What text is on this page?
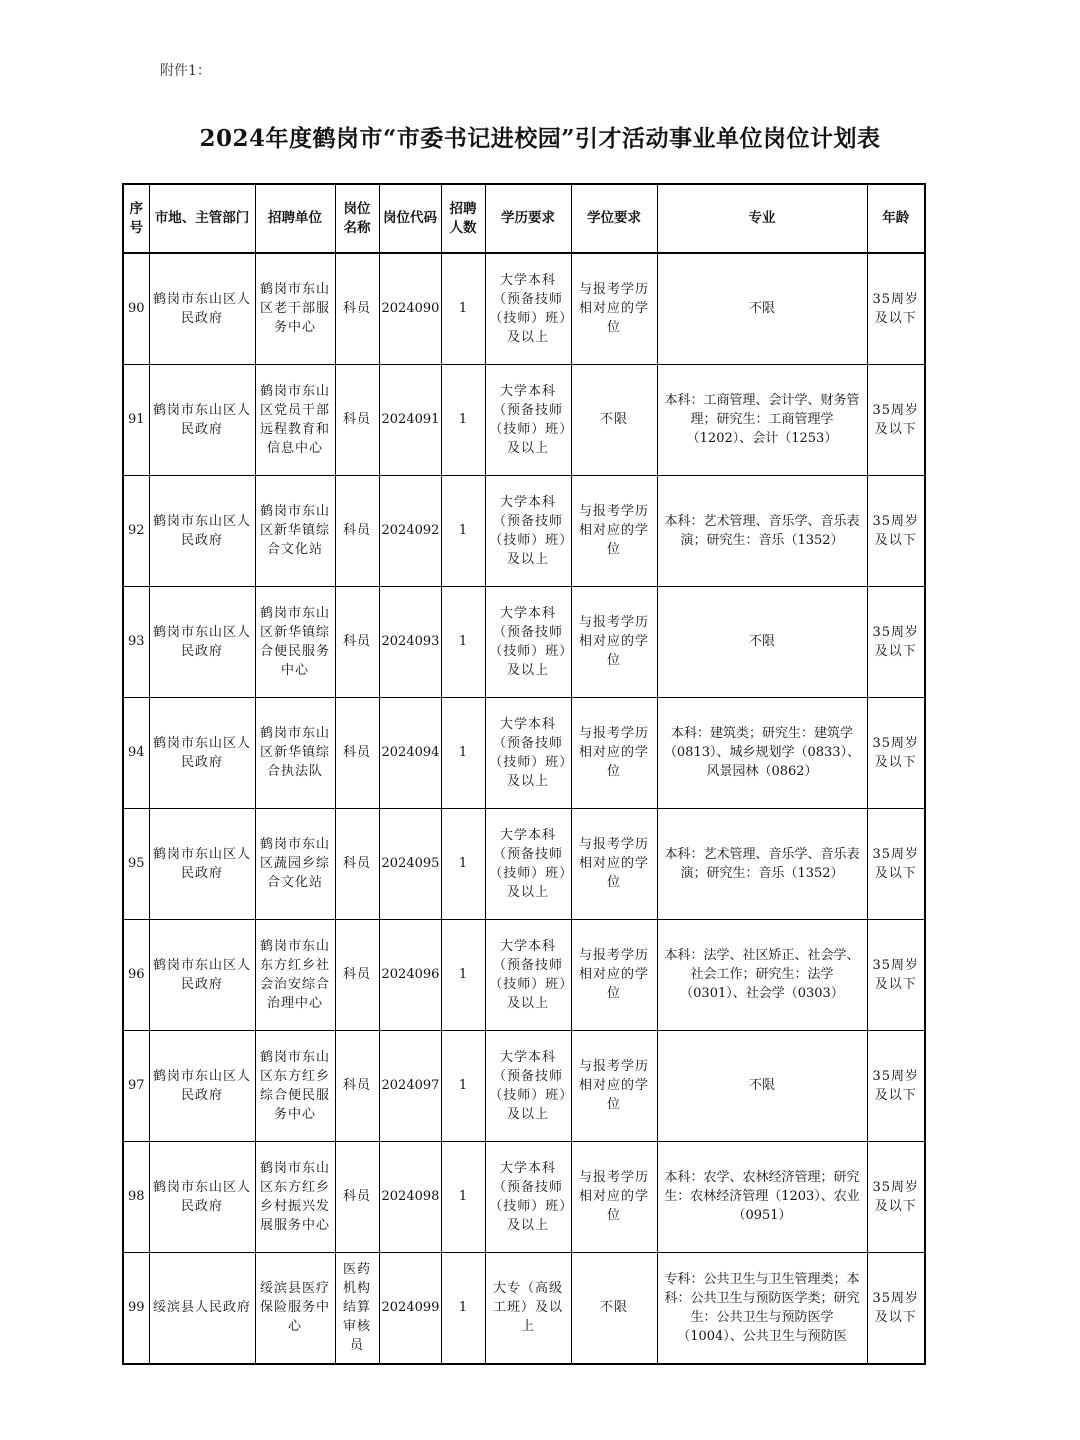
附件1：
2024年度鹤岗市“市委书记进校园”引才活动事业单位岗位计划表
序号	市地、主管部门	招聘单位	岗位名称	岗位代码	招聘人数	学历要求	学位要求	专业	年龄
90	鹤岗市东山区人民政府	鹤岗市东山区老干部服务中心	科员	2024090	1	大学本科（预备技师（技师）班）及以上	与报考学历相对应的学位	不限	35周岁及以下
91	鹤岗市东山区人民政府	鹤岗市东山区党员干部远程教育和信息中心	科员	2024091	1	大学本科（预备技师（技师）班）及以上	不限	本科：工商管理、会计学、财务管理；研究生：工商管理学（1202）、会计（1253）	35周岁及以下
92	鹤岗市东山区人民政府	鹤岗市东山区新华镇综合文化站	科员	2024092	1	大学本科（预备技师（技师）班）及以上	与报考学历相对应的学位	本科：艺术管理、音乐学、音乐表演；研究生：音乐（1352）	35周岁及以下
93	鹤岗市东山区人民政府	鹤岗市东山区新华镇综合便民服务中心	科员	2024093	1	大学本科（预备技师（技师）班）及以上	与报考学历相对应的学位	不限	35周岁及以下
94	鹤岗市东山区人民政府	鹤岗市东山区新华镇综合执法队	科员	2024094	1	大学本科（预备技师（技师）班）及以上	与报考学历相对应的学位	本科：建筑类；研究生：建筑学（0813）、城乡规划学（0833）、风景园林（0862）	35周岁及以下
95	鹤岗市东山区人民政府	鹤岗市东山区蔬园乡综合文化站	科员	2024095	1	大学本科（预备技师（技师）班）及以上	与报考学历相对应的学位	本科：艺术管理、音乐学、音乐表演；研究生：音乐（1352）	35周岁及以下
96	鹤岗市东山区人民政府	鹤岗市东山东方红乡社会治安综合治理中心	科员	2024096	1	大学本科（预备技师（技师）班）及以上	与报考学历相对应的学位	本科：法学、社区矫正、社会学、社会工作；研究生：法学（0301）、社会学（0303）	35周岁及以下
97	鹤岗市东山区人民政府	鹤岗市东山区东方红乡综合便民服务中心	科员	2024097	1	大学本科（预备技师（技师）班）及以上	与报考学历相对应的学位	不限	35周岁及以下
98	鹤岗市东山区人民政府	鹤岗市东山区东方红乡乡村振兴发展服务中心	科员	2024098	1	大学本科（预备技师（技师）班）及以上	与报考学历相对应的学位	本科：农学、农林经济管理；研究生：农林经济管理（1203）、农业（0951）	35周岁及以下
99	绥滨县人民政府	绥滨县医疗保险服务中心	医药机构结算审核员	2024099	1	大专（高级工班）及以上	不限	专科：公共卫生与卫生管理类；本科：公共卫生与预防医学类；研究生：公共卫生与预防医学（1004）、公共卫生与预防医	35周岁及以下
